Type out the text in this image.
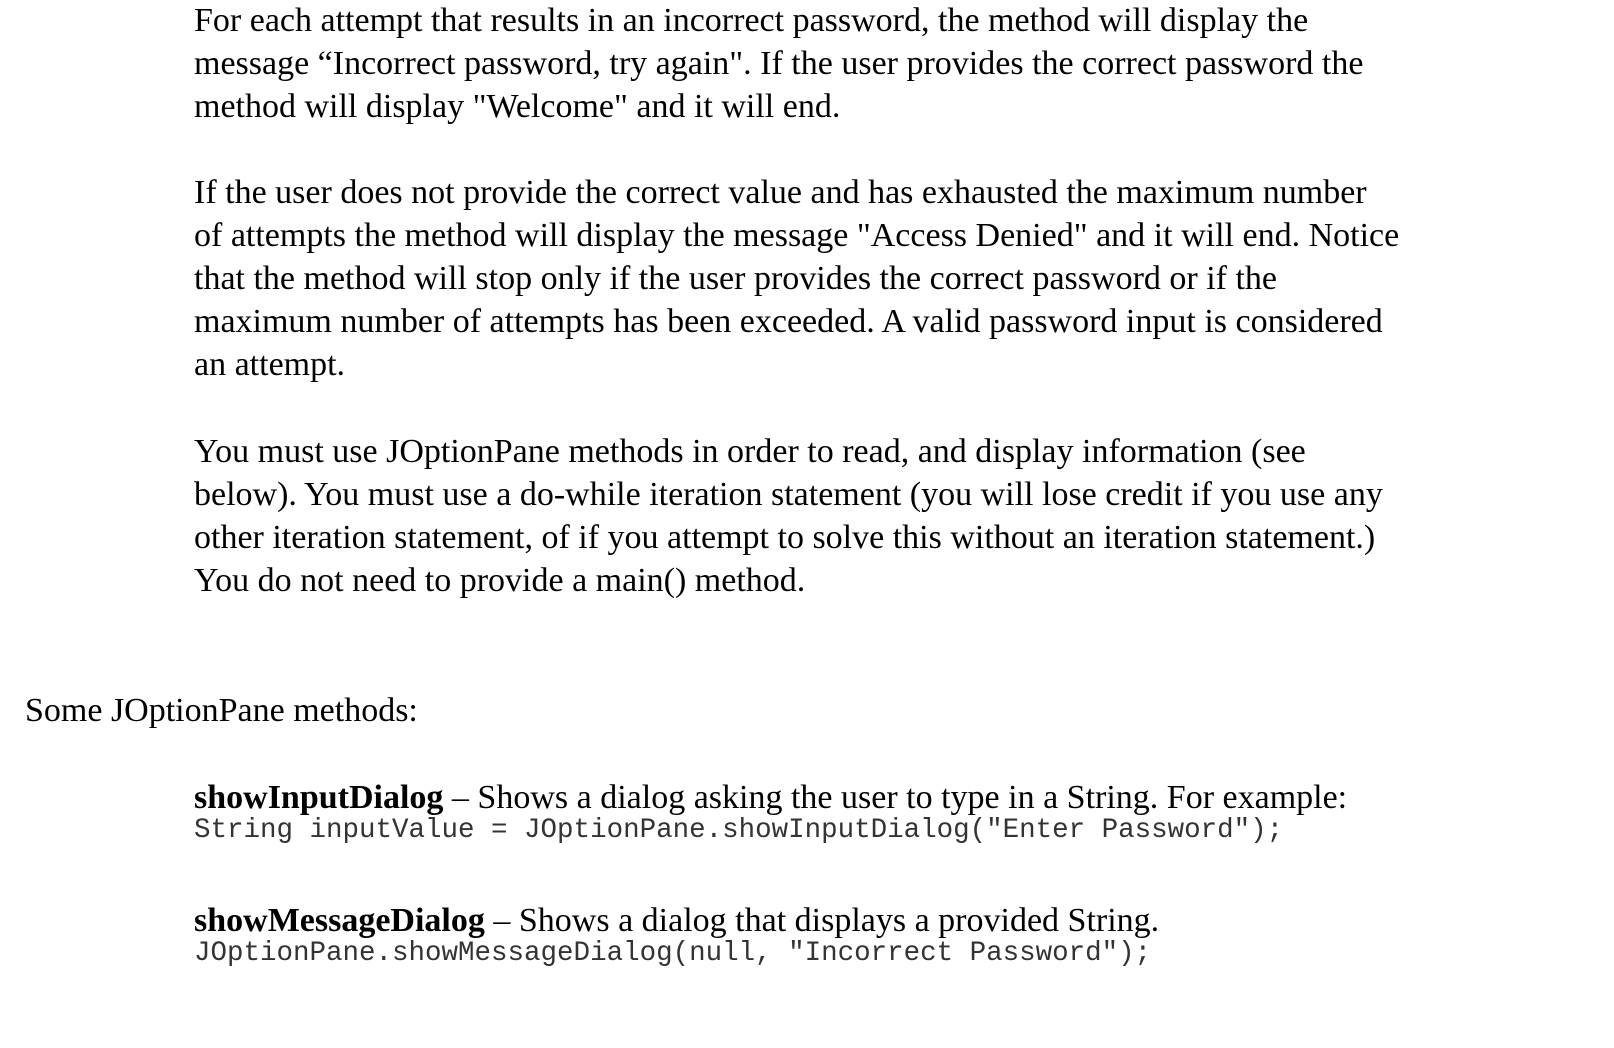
For each attempt that results in an incorrect password, the method will display the
message “Incorrect password, try again". If the user provides the correct password the
method will display "Welcome" and it will end.
If the user does not provide the correct value and has exhausted the maximum number
of attempts the method will display the message "Access Denied" and it will end. Notice
that the method will stop only if the user provides the correct password or if the
maximum number of attempts has been exceeded. A valid password input is considered
an attempt.
You must use JOptionPane methods in order to read, and display information (see
below). You must use a do-while iteration statement (you will lose credit if you use any
other iteration statement, of if you attempt to solve this without an iteration statement.)
You do not need to provide a main() method.

Some JOptionPane methods:

showInputDialog – Shows a dialog asking the user to type in a String. For example:
String inputValue = JOptionPane.showInputDialog("Enter Password");
showMessageDialog – Shows a dialog that displays a provided String.
JOptionPane.showMessageDialog(null, "Incorrect Password");
